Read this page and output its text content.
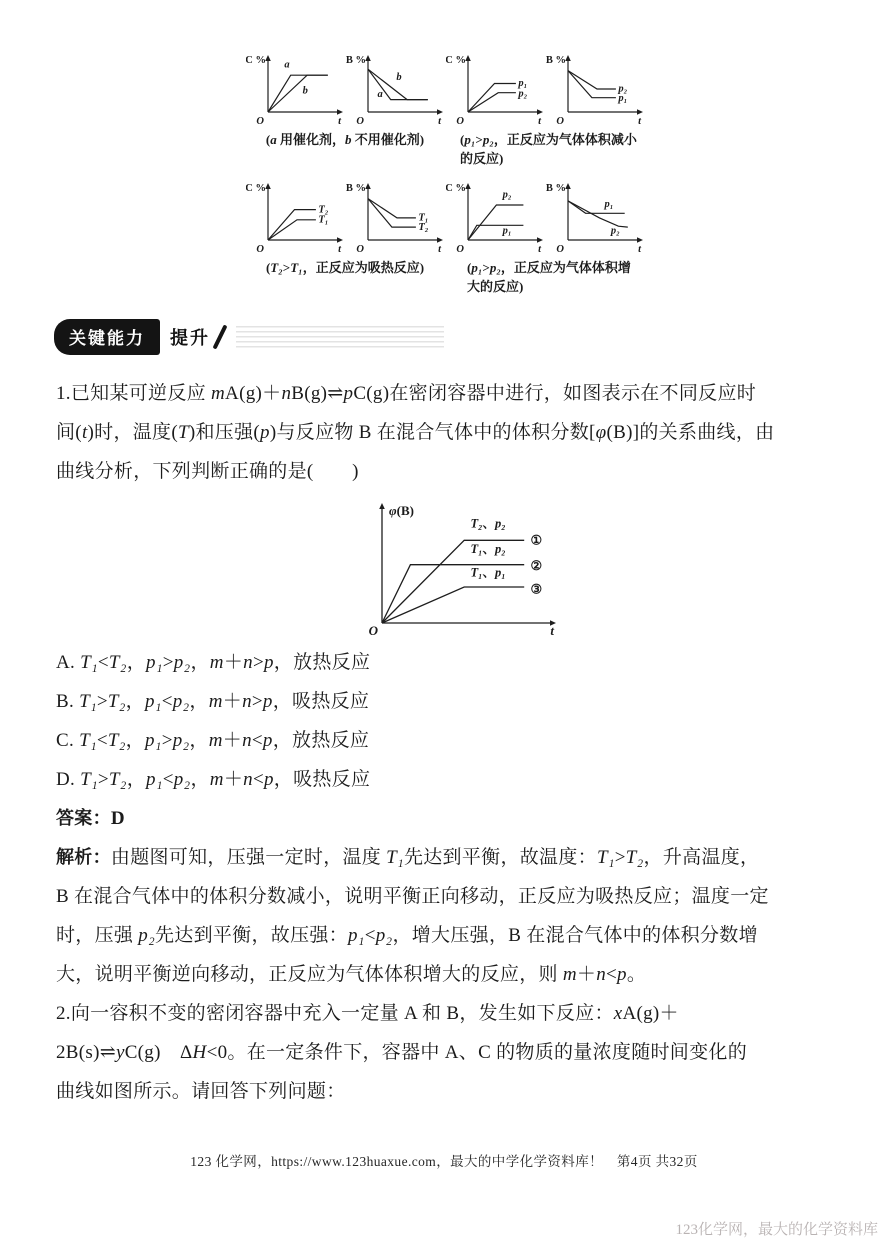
a
b
C %
t
O
b
a
B %
t
O
p₁
p₂
C %
t
O
p₂
p₁
B %
t
O
(a 用催化剂，b 不用催化剂)	(p₁>p₂，正反应为气体体积减小的反应)
T₂
T₁
C %
t
O
T₁
T₂
B %
t
O
p₂
p₁
C %
t
O
p₁
p₂
B %
t
O
(T₂>T₁，正反应为吸热反应)	(p₁>p₂，正反应为气体体积增大的反应)
关键能力	提升

1.已知某可逆反应 mA(g)＋nB(g)⇌pC(g)在密闭容器中进行，如图表示在不同反应时

间(t)时，温度(T)和压强(p)与反应物 B 在混合气体中的体积分数[φ(B)]的关系曲线，由

曲线分析，下列判断正确的是(　　)

T₂、p₂
①
T₁、p₂
②
T₁、p₁
③
φ(B)
t
O

A. T₁<T₂，p₁>p₂，m＋n>p，放热反应

B. T₁>T₂，p₁<p₂，m＋n>p，吸热反应

C. T₁<T₂，p₁>p₂，m＋n<p，放热反应

D. T₁>T₂，p₁<p₂，m＋n<p，吸热反应

答案：D

解析：由题图可知，压强一定时，温度 T₁先达到平衡，故温度：T₁>T₂，升高温度，

B 在混合气体中的体积分数减小，说明平衡正向移动，正反应为吸热反应；温度一定

时，压强 p₂先达到平衡，故压强：p₁<p₂，增大压强，B 在混合气体中的体积分数增

大，说明平衡逆向移动，正反应为气体体积增大的反应，则 m＋n<p。

2.向一容积不变的密闭容器中充入一定量 A 和 B，发生如下反应：xA(g)＋

2B(s)⇌yC(g)　ΔH<0。在一定条件下，容器中 A、C 的物质的量浓度随时间变化的

曲线如图所示。请回答下列问题：

123 化学网，https://www.123huaxue.com，最大的中学化学资料库！　第4页 共32页
123化学网，最大的化学资料库
